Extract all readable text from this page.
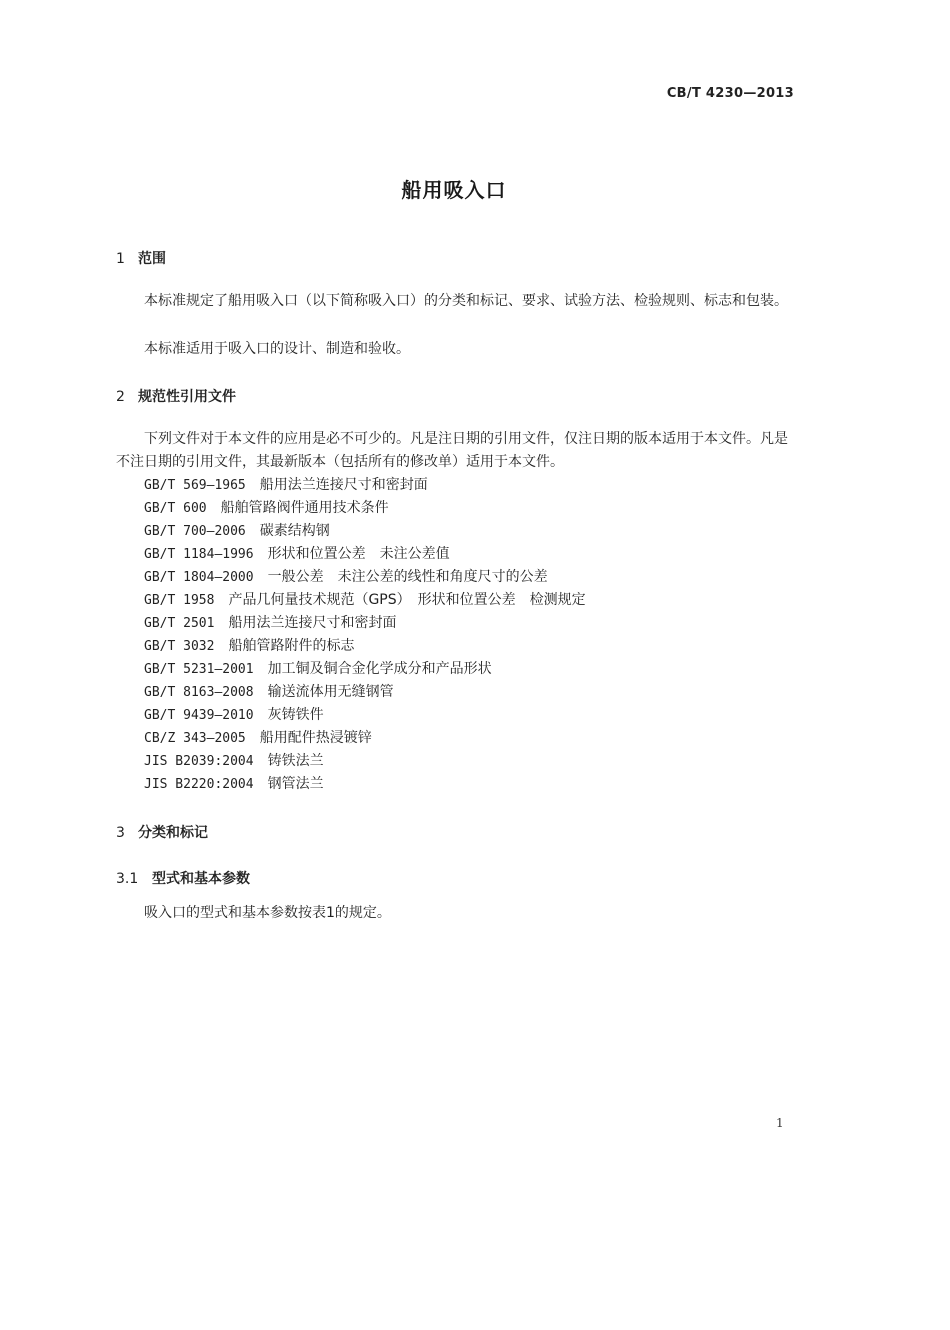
CB/T 4230—2013
船用吸入口
1 范围
本标准规定了船用吸入口（以下简称吸入口）的分类和标记、要求、试验方法、检验规则、标志和包装。
本标准适用于吸入口的设计、制造和验收。
2 规范性引用文件
下列文件对于本文件的应用是必不可少的。凡是注日期的引用文件，仅注日期的版本适用于本文件。凡是不注日期的引用文件，其最新版本（包括所有的修改单）适用于本文件。
GB/T 569—1965 船用法兰连接尺寸和密封面
GB/T 600 船舶管路阀件通用技术条件
GB/T 700—2006 碳素结构钢
GB/T 1184—1996 形状和位置公差　未注公差值
GB/T 1804—2000 一般公差　未注公差的线性和角度尺寸的公差
GB/T 1958 产品几何量技术规范（GPS）　形状和位置公差　检测规定
GB/T 2501 船用法兰连接尺寸和密封面
GB/T 3032 船舶管路附件的标志
GB/T 5231—2001 加工铜及铜合金化学成分和产品形状
GB/T 8163—2008 输送流体用无缝钢管
GB/T 9439—2010 灰铸铁件
CB/Z 343—2005 船用配件热浸镀锌
JIS B2039:2004 铸铁法兰
JIS B2220:2004 钢管法兰
3 分类和标记
3.1 型式和基本参数
吸入口的型式和基本参数按表1的规定。
1
